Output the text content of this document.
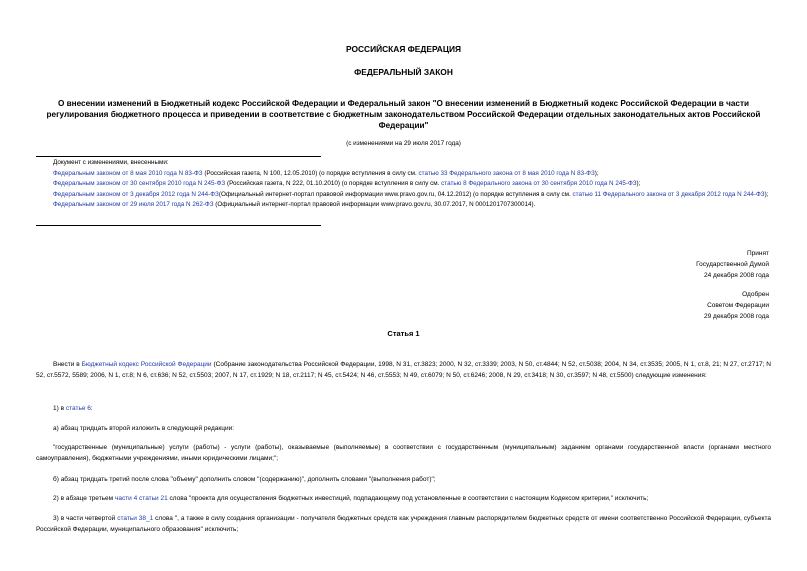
РОССИЙСКАЯ ФЕДЕРАЦИЯ
ФЕДЕРАЛЬНЫЙ ЗАКОН
О внесении изменений в Бюджетный кодекс Российской Федерации и Федеральный закон "О внесении изменений в Бюджетный кодекс Российской Федерации в части регулирования бюджетного процесса и приведении в соответствие с бюджетным законодательством Российской Федерации отдельных законодательных актов Российской Федерации"
(с изменениями на 29 июля 2017 года)
Документ с изменениями, внесенными:
Федеральным законом от 8 мая 2010 года N 83-ФЗ (Российская газета, N 100, 12.05.2010) (о порядке вступления в силу см. статью 33 Федерального закона от 8 мая 2010 года N 83-ФЗ);
Федеральным законом от 30 сентября 2010 года N 245-ФЗ (Российская газета, N 222, 01.10.2010) (о порядке вступления в силу см. статью 8 Федерального закона от 30 сентября 2010 года N 245-ФЗ);
Федеральным законом от 3 декабря 2012 года N 244-ФЗ(Официальный интернет-портал правовой информации www.pravo.gov.ru, 04.12.2012) (о порядке вступления в силу см. статью 11 Федерального закона от 3 декабря 2012 года N 244-ФЗ);
Федеральным законом от 29 июля 2017 года N 262-ФЗ (Официальный интернет-портал правовой информации www.pravo.gov.ru, 30.07.2017, N 0001201707300014).
Принят
Государственной Думой
24 декабря 2008 года
Одобрен
Советом Федерации
29 декабря 2008 года
Статья 1
Внести в Бюджетный кодекс Российской Федерации (Собрание законодательства Российской Федерации, 1998, N 31, ст.3823; 2000, N 32, ст.3339; 2003, N 50, ст.4844; N 52, ст.5038; 2004, N 34, ст.3535; 2005, N 1, ст.8, 21; N 27, ст.2717; N 52, ст.5572, 5589; 2006, N 1, ст.8; N 6, ст.636; N 52, ст.5503; 2007, N 17, ст.1929; N 18, ст.2117; N 45, ст.5424; N 46, ст.5553; N 49, ст.6079; N 50, ст.6246; 2008, N 29, ст.3418; N 30, ст.3597; N 48, ст.5500) следующие изменения:
1) в статье 6:
а) абзац тридцать второй изложить в следующей редакции:
"государственные (муниципальные) услуги (работы) - услуги (работы), оказываемые (выполняемые) в соответствии с государственным (муниципальным) заданием органами государственной власти (органами местного самоуправления), бюджетными учреждениями, иными юридическими лицами;";
б) абзац тридцать третий после слова "объему" дополнить словом "(содержанию)", дополнить словами "(выполнения работ)";
2) в абзаце третьем части 4 статьи 21 слова "проекта для осуществления бюджетных инвестиций, подпадающему под установленные в соответствии с настоящим Кодексом критерии," исключить;
3) в части четвертой статьи 38_1 слова ", а также в силу создания организации - получателя бюджетных средств как учреждения главным распорядителем бюджетных средств от имени соответственно Российской Федерации, субъекта Российской Федерации, муниципального образования" исключить;
